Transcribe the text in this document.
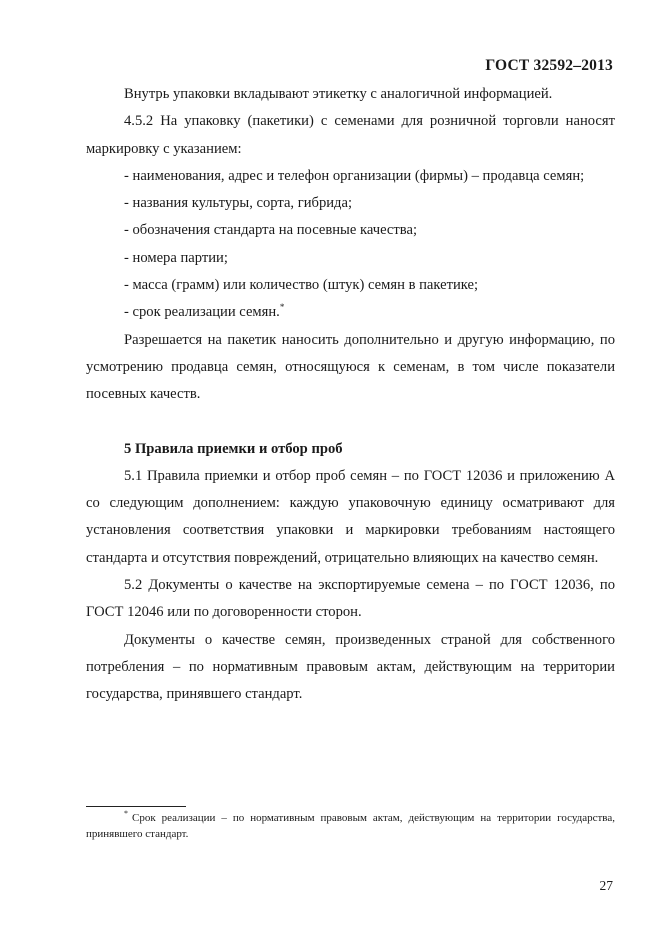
ГОСТ 32592–2013

Внутрь упаковки вкладывают этикетку с аналогичной информацией.

4.5.2 На упаковку (пакетики) с семенами для розничной торговли наносят маркировку с указанием:

- наименования, адрес и телефон организации (фирмы) – продавца семян;

- названия культуры, сорта, гибрида;

- обозначения стандарта на посевные качества;

- номера партии;

- масса (грамм) или количество (штук) семян в пакетике;

- срок реализации семян.*

Разрешается на пакетик наносить дополнительно и другую информацию, по усмотрению продавца семян, относящуюся к семенам, в том числе показатели посевных качеств.

5 Правила приемки и отбор проб

5.1 Правила приемки и отбор проб семян – по ГОСТ 12036 и приложению А со следующим дополнением: каждую упаковочную единицу осматривают для установления соответствия упаковки и маркировки требованиям настоящего стандарта и отсутствия повреждений, отрицательно влияющих на качество семян.

5.2 Документы о качестве на экспортируемые семена – по ГОСТ 12036, по ГОСТ 12046 или по договоренности сторон.

Документы о качестве семян, произведенных страной для собственного потребления – по нормативным правовым актам, действующим на территории государства, принявшего стандарт.

* Срок реализации – по нормативным правовым актам, действующим на территории государства, принявшего стандарт.
27
